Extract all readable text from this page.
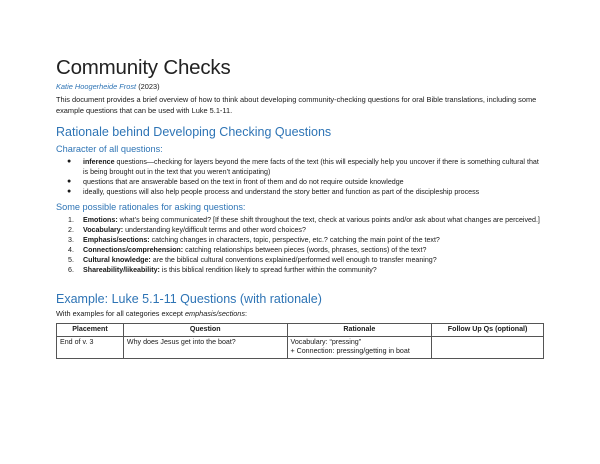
Community Checks
Katie Hoogerheide Frost (2023)

This document provides a brief overview of how to think about developing community-checking questions for oral Bible translations, including some example questions that can be used with Luke 5.1-11.

Rationale behind Developing Checking Questions
Character of all questions:
● inference questions—checking for layers beyond the mere facts of the text (this will especially help you uncover if there is something cultural that is being brought out in the text that you weren’t anticipating)
● questions that are answerable based on the text in front of them and do not require outside knowledge
● ideally, questions will also help people process and understand the story better and function as part of the discipleship process
Some possible rationales for asking questions:
1. Emotions: what’s being communicated? [If these shift throughout the text, check at various points and/or ask about what changes are perceived.]
2. Vocabulary: understanding key/difficult terms and other word choices?
3. Emphasis/sections: catching changes in characters, topic, perspective, etc.? catching the main point of the text?
4. Connections/comprehension: catching relationships between pieces (words, phrases, sections) of the text?
5. Cultural knowledge: are the biblical cultural conventions explained/performed well enough to transfer meaning?
6. Shareability/likeability: is this biblical rendition likely to spread further within the community?
Example: Luke 5.1-11 Questions (with rationale)
With examples for all categories except emphasis/sections:
Placement	Question	Rationale	Follow Up Qs (optional)
End of v. 3	Why does Jesus get into the boat?	Vocabulary: “pressing”
+ Connection: pressing/getting in boat	
